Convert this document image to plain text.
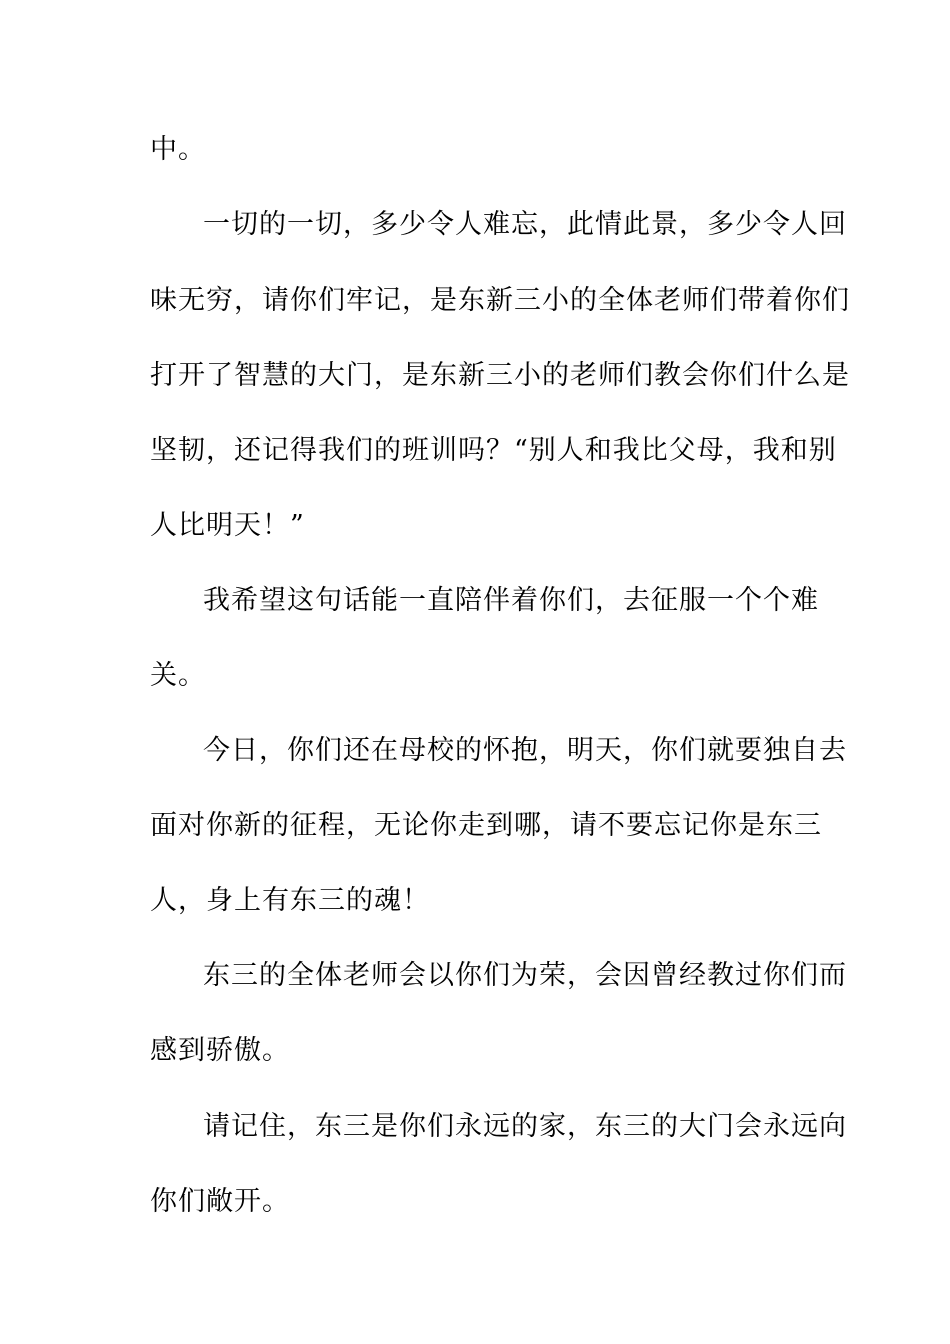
中。
一切的一切，多少令人难忘，此情此景，多少令人回
味无穷，请你们牢记，是东新三小的全体老师们带着你们
打开了智慧的大门，是东新三小的老师们教会你们什么是
坚韧，还记得我们的班训吗？“别人和我比父母，我和别
人比明天！”
我希望这句话能一直陪伴着你们，去征服一个个难
关。
今日，你们还在母校的怀抱，明天，你们就要独自去
面对你新的征程，无论你走到哪，请不要忘记你是东三
人，身上有东三的魂！
东三的全体老师会以你们为荣，会因曾经教过你们而
感到骄傲。
请记住，东三是你们永远的家，东三的大门会永远向
你们敞开。
